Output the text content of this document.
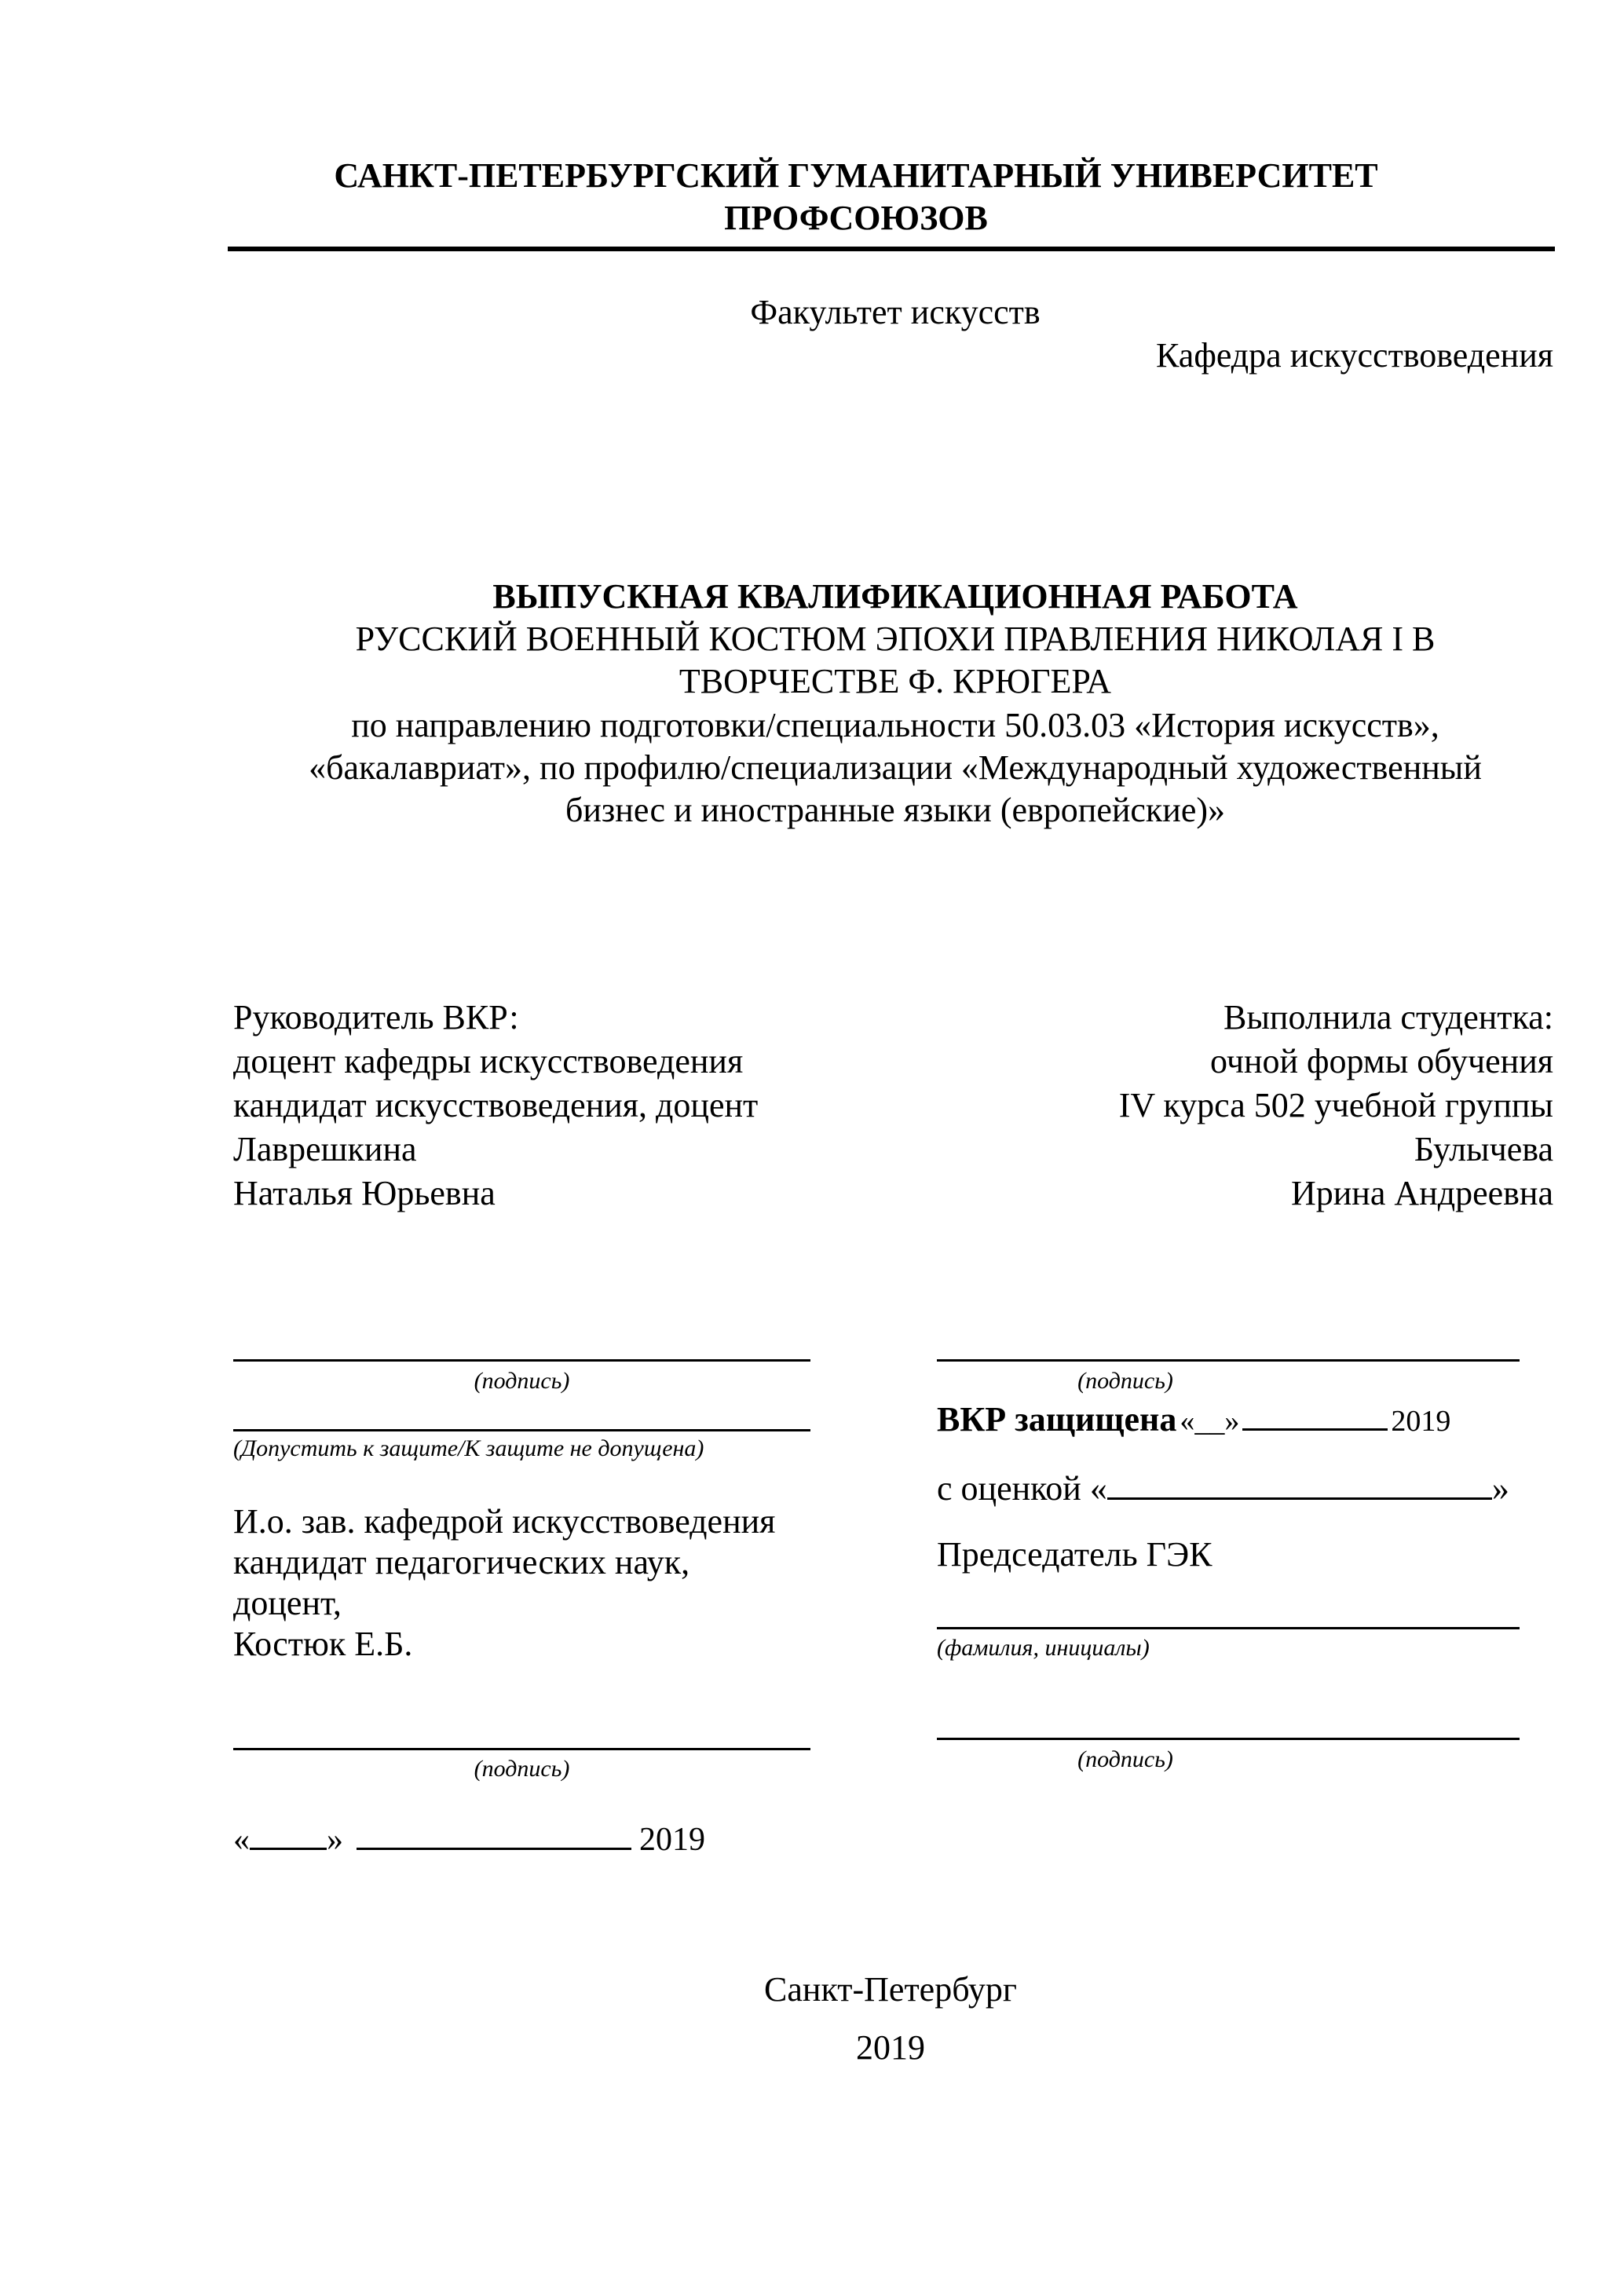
САНКТ-ПЕТЕРБУРГСКИЙ ГУМАНИТАРНЫЙ УНИВЕРСИТЕТ
ПРОФСОЮЗОВ
Факультет искусств
Кафедра искусствоведения
ВЫПУСКНАЯ КВАЛИФИКАЦИОННАЯ РАБОТА
РУССКИЙ ВОЕННЫЙ КОСТЮМ ЭПОХИ ПРАВЛЕНИЯ НИКОЛАЯ I В
ТВОРЧЕСТВЕ Ф. КРЮГЕРА
по направлению подготовки/специальности 50.03.03 «История искусств»,
«бакалавриат», по профилю/специализации «Международный художественный
бизнес и иностранные языки (европейские)»
Руководитель ВКР:
доцент кафедры искусствоведения
кандидат искусствоведения, доцент
Лаврешкина
Наталья Юрьевна
Выполнила студентка:
очной формы обучения
IV курса 502 учебной группы
Булычева
Ирина Андреевна
(подпись)
(Допустить к защите/К защите не допущена)
И.о. зав. кафедрой искусствоведения
кандидат педагогических наук,
доцент,
Костюк Е.Б.
(подпись)
« »	2019
(подпись)
ВКР защищена «__»	2019
с оценкой «	»
Председатель ГЭК
(фамилия, инициалы)
(подпись)
Санкт-Петербург
2019
